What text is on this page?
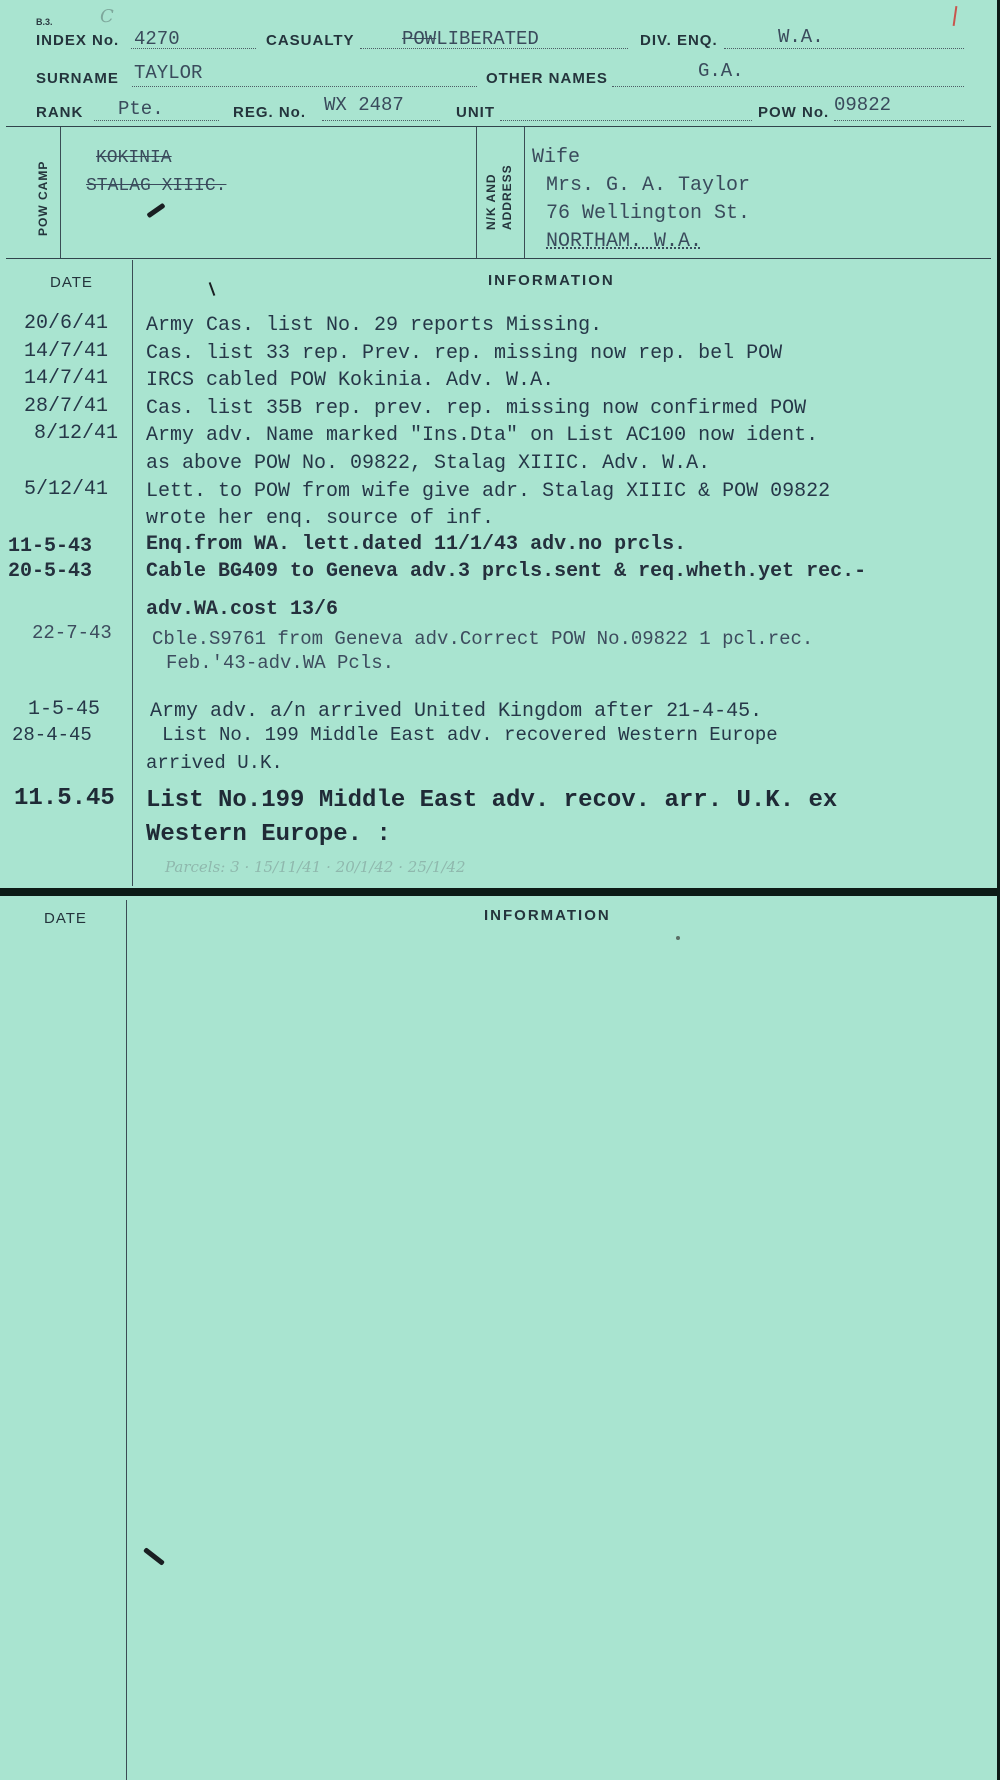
B.3.	C
INDEX No. 4270	CASUALTY POWLIBERATED	DIV. ENQ.	W.A.
SURNAME TAYLOR	OTHER NAMES	G.A.
RANK Pte.	REG. No. WX 2487	UNIT	POW No. 09822
POW CAMP
KOKINIA
STALAG XIIIC.	N/K AND ADDRESS
Wife
Mrs. G. A. Taylor
76 Wellington St.
NORTHAM. W.A.
DATE	INFORMATION
20/6/41 Army Cas. list No. 29 reports Missing.
14/7/41 Cas. list 33 rep. Prev. rep. missing now rep. bel POW
14/7/41 IRCS cabled POW Kokinia. Adv. W.A.
28/7/41 Cas. list 35B rep. prev. rep. missing now confirmed POW
8/12/41 Army adv. Name marked "Ins.Dta" on List AC100 now ident.
as above POW No. 09822, Stalag XIIIC. Adv. W.A.
5/12/41 Lett. to POW from wife give adr. Stalag XIIIC & POW 09822
wrote her enq. source of inf.
11-5-43	Enq.from WA. lett.dated 11/1/43 adv.no prcls.
20-5-43	Cable BG409 to Geneva adv.3 prcls.sent & req.wheth.yet rec.-
adv.WA.cost 13/6
22-7-43 Cble.S9761 from Geneva adv.Correct POW No.09822 1 pcl.rec.
Feb.'43-adv.WA Pcls.
1-5-45 Army adv. a/n arrived United Kingdom after 21-4-45.
28-4-45	List No. 199 Middle East adv. recovered Western Europe
arrived U.K.
11.5.45 List No.199 Middle East adv. recov. arr. U.K. ex
Western Europe. :
Parcels: 3 · 15/11/41 · 20/1/42 · 25/1/42
DATE	INFORMATION
